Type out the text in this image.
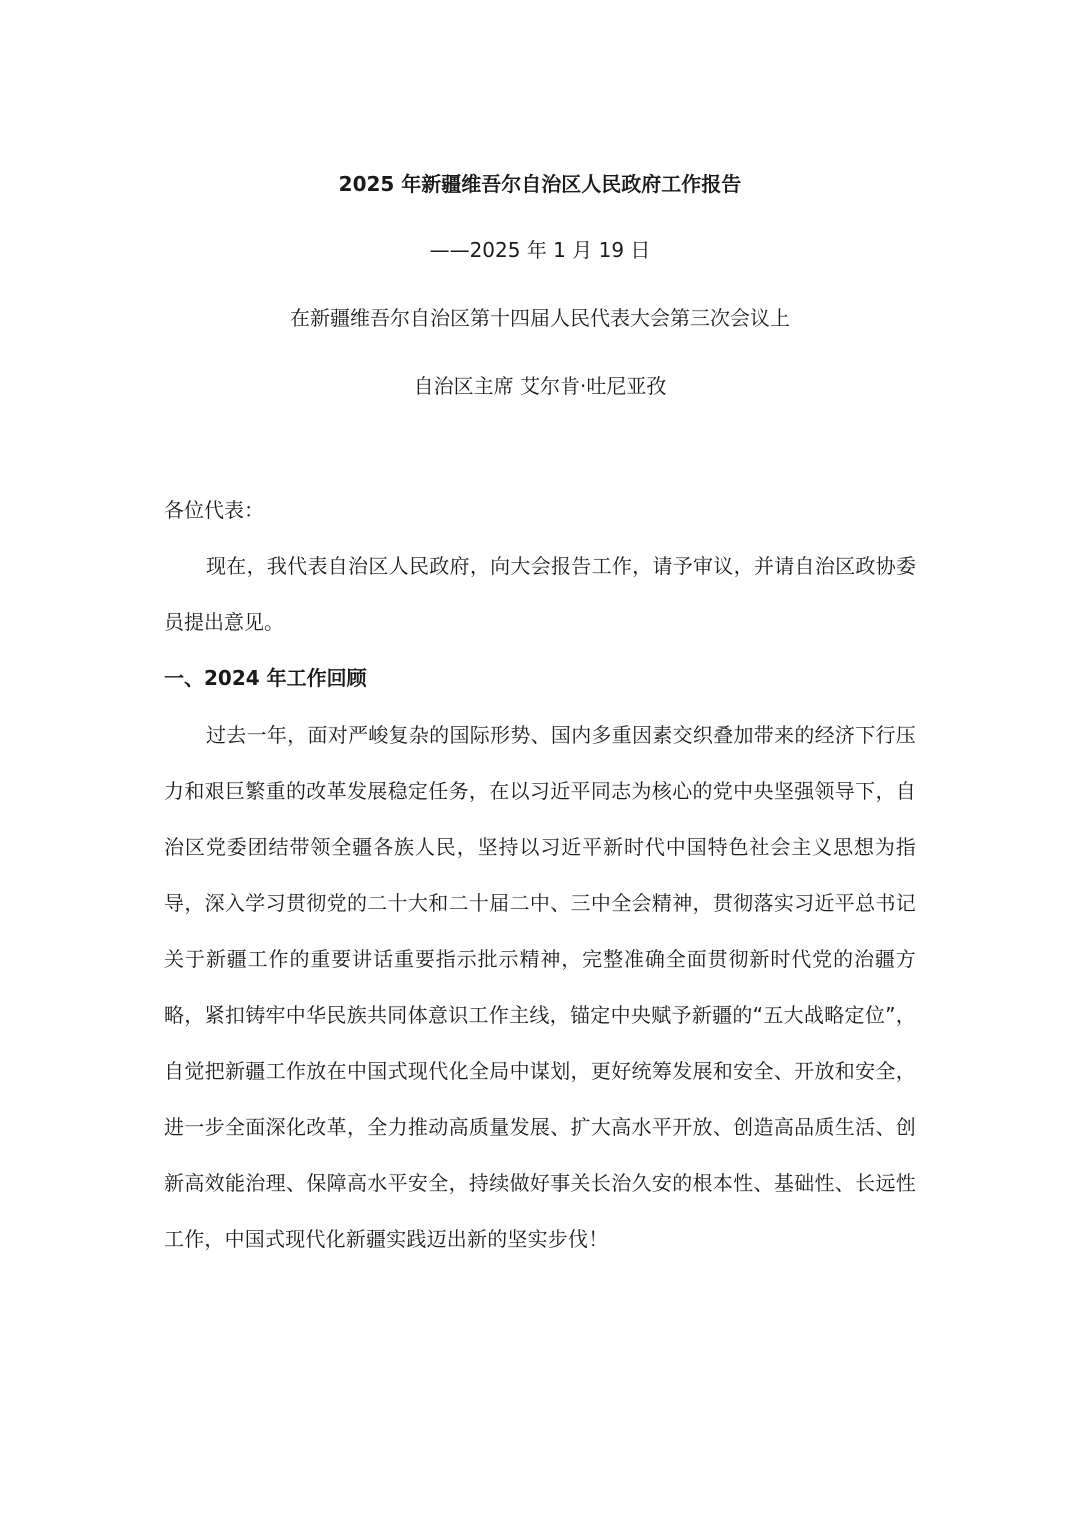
2025 年新疆维吾尔自治区人民政府工作报告
——2025 年 1 月 19 日
在新疆维吾尔自治区第十四届人民代表大会第三次会议上
自治区主席 艾尔肯·吐尼亚孜
各位代表：
现在，我代表自治区人民政府，向大会报告工作，请予审议，并请自治区政协委员提出意见。
一、2024 年工作回顾
过去一年，面对严峻复杂的国际形势、国内多重因素交织叠加带来的经济下行压力和艰巨繁重的改革发展稳定任务，在以习近平同志为核心的党中央坚强领导下，自治区党委团结带领全疆各族人民，坚持以习近平新时代中国特色社会主义思想为指导，深入学习贯彻党的二十大和二十届二中、三中全会精神，贯彻落实习近平总书记关于新疆工作的重要讲话重要指示批示精神，完整准确全面贯彻新时代党的治疆方略，紧扣铸牢中华民族共同体意识工作主线，锚定中央赋予新疆的“五大战略定位”，自觉把新疆工作放在中国式现代化全局中谋划，更好统筹发展和安全、开放和安全，进一步全面深化改革，全力推动高质量发展、扩大高水平开放、创造高品质生活、创新高效能治理、保障高水平安全，持续做好事关长治久安的根本性、基础性、长远性工作，中国式现代化新疆实践迈出新的坚实步伐！
